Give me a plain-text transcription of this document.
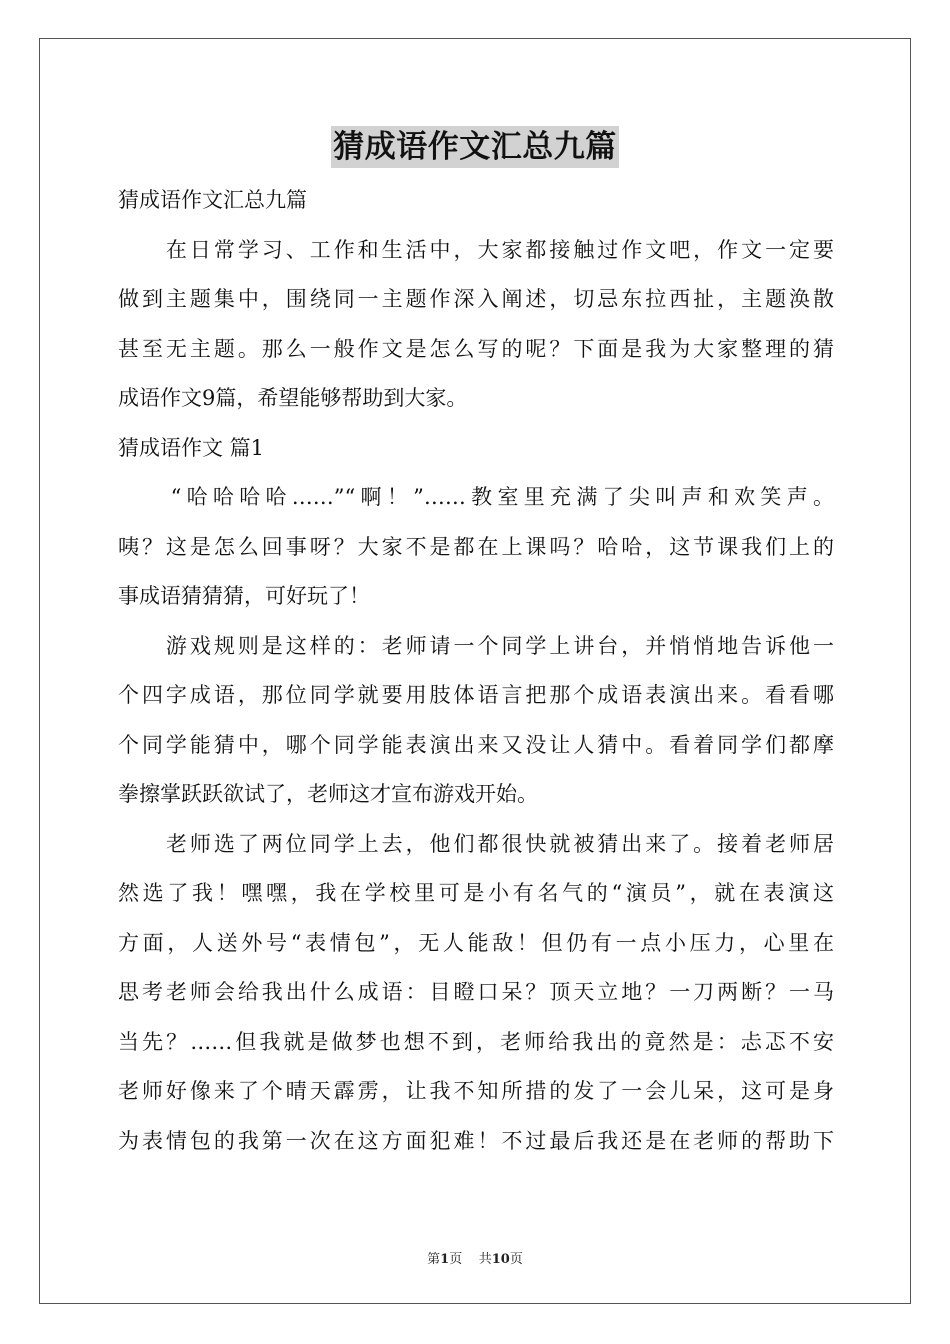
猜成语作文汇总九篇
猜成语作文汇总九篇
　　在日常学习、工作和生活中，大家都接触过作文吧，作文一定要
做到主题集中，围绕同一主题作深入阐述，切忌东拉西扯，主题涣散
甚至无主题。那么一般作文是怎么写的呢？下面是我为大家整理的猜
成语作文9篇，希望能够帮助到大家。
猜成语作文 篇1
　　“哈哈哈哈……”“啊！”……教室里充满了尖叫声和欢笑声。
咦？这是怎么回事呀？大家不是都在上课吗？哈哈，这节课我们上的
事成语猜猜猜，可好玩了！
　　游戏规则是这样的：老师请一个同学上讲台，并悄悄地告诉他一
个四字成语，那位同学就要用肢体语言把那个成语表演出来。看看哪
个同学能猜中，哪个同学能表演出来又没让人猜中。看着同学们都摩
拳擦掌跃跃欲试了，老师这才宣布游戏开始。
　　老师选了两位同学上去，他们都很快就被猜出来了。接着老师居
然选了我！嘿嘿，我在学校里可是小有名气的“演员”，就在表演这
方面，人送外号“表情包”，无人能敌！但仍有一点小压力，心里在
思考老师会给我出什么成语：目瞪口呆？顶天立地？一刀两断？一马
当先？……但我就是做梦也想不到，老师给我出的竟然是：忐忑不安
老师好像来了个晴天霹雳，让我不知所措的发了一会儿呆，这可是身
为表情包的我第一次在这方面犯难！不过最后我还是在老师的帮助下
第1页 共10页
